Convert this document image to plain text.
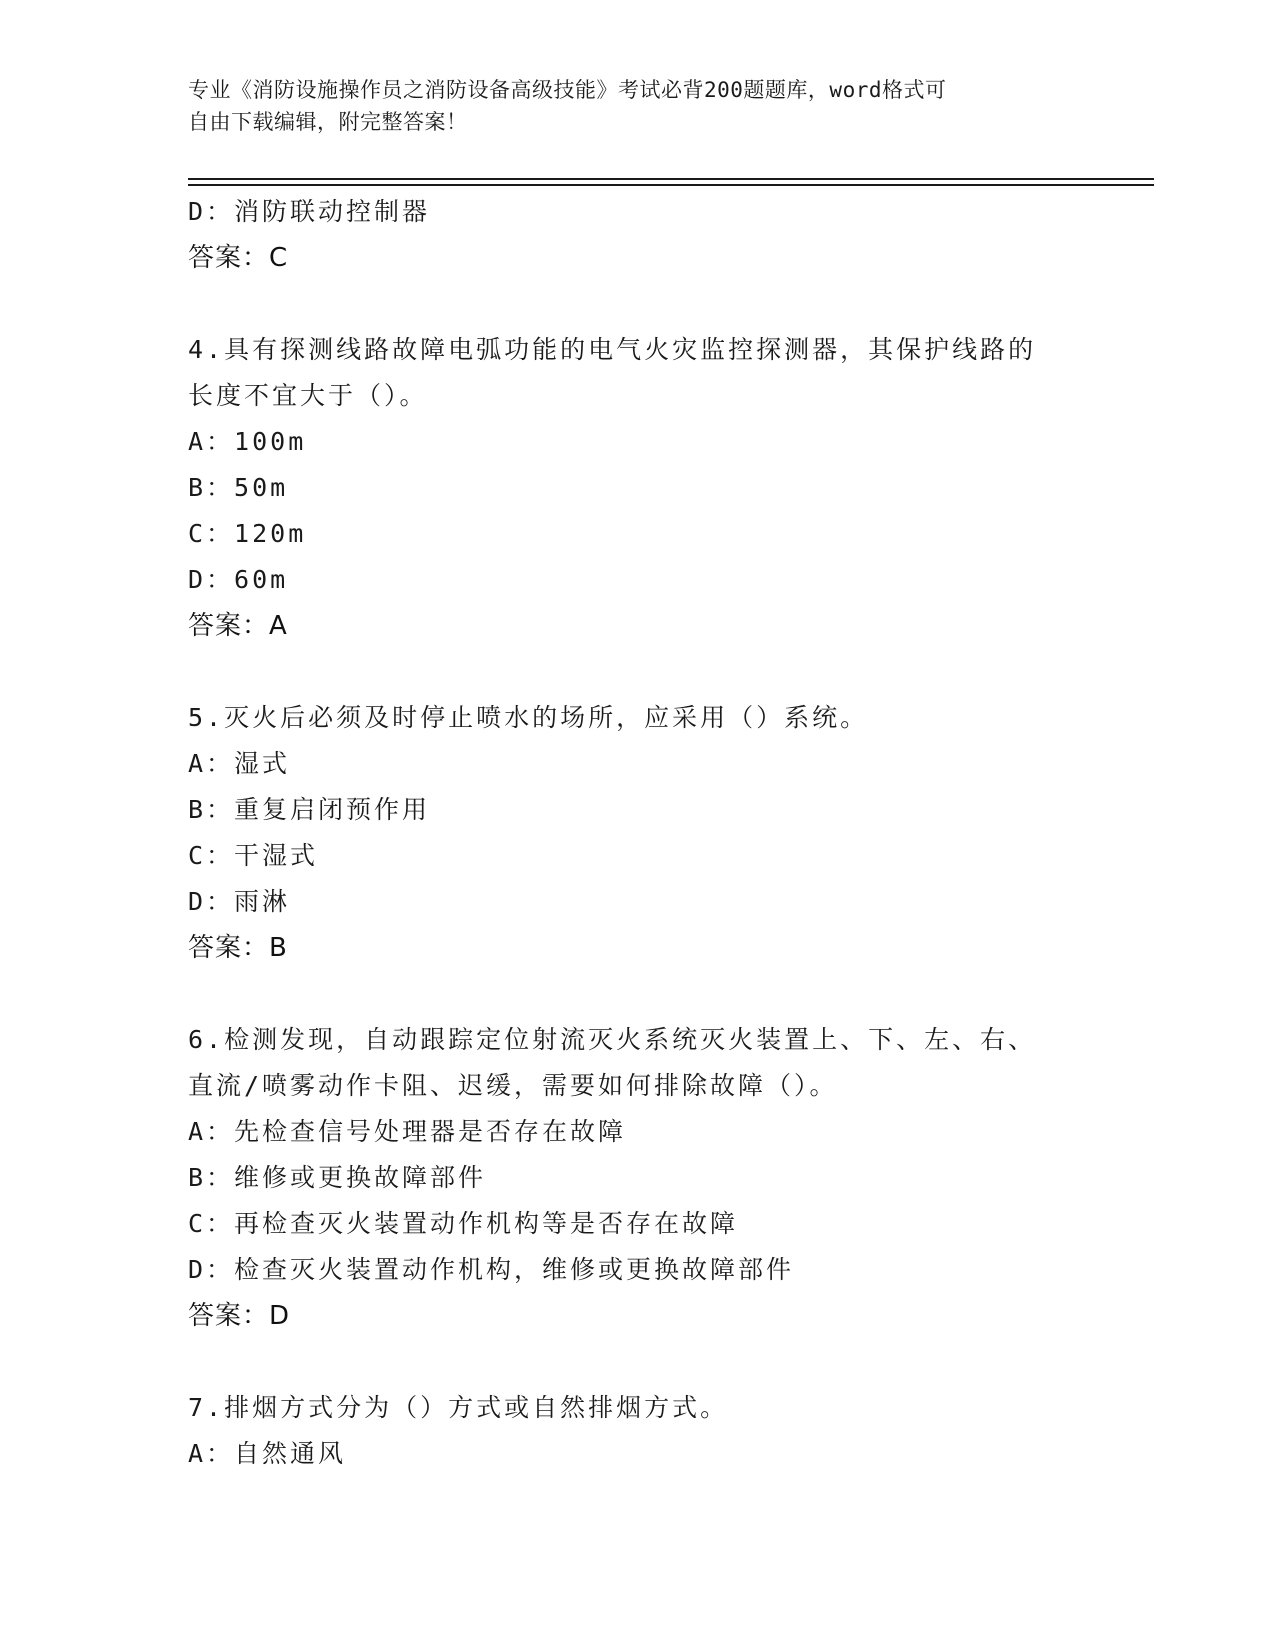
专业《消防设施操作员之消防设备高级技能》考试必背200题题库，word格式可
自由下载编辑，附完整答案！
D：消防联动控制器
答案：C
4.具有探测线路故障电弧功能的电气火灾监控探测器，其保护线路的
长度不宜大于（）。
A：100m
B：50m
C：120m
D：60m
答案：A
5.灭火后必须及时停止喷水的场所，应采用（）系统。
A：湿式
B：重复启闭预作用
C：干湿式
D：雨淋
答案：B
6.检测发现，自动跟踪定位射流灭火系统灭火装置上、下、左、右、
直流/喷雾动作卡阻、迟缓，需要如何排除故障（）。
A：先检查信号处理器是否存在故障
B：维修或更换故障部件
C：再检查灭火装置动作机构等是否存在故障
D：检查灭火装置动作机构，维修或更换故障部件
答案：D
7.排烟方式分为（）方式或自然排烟方式。
A：自然通风
